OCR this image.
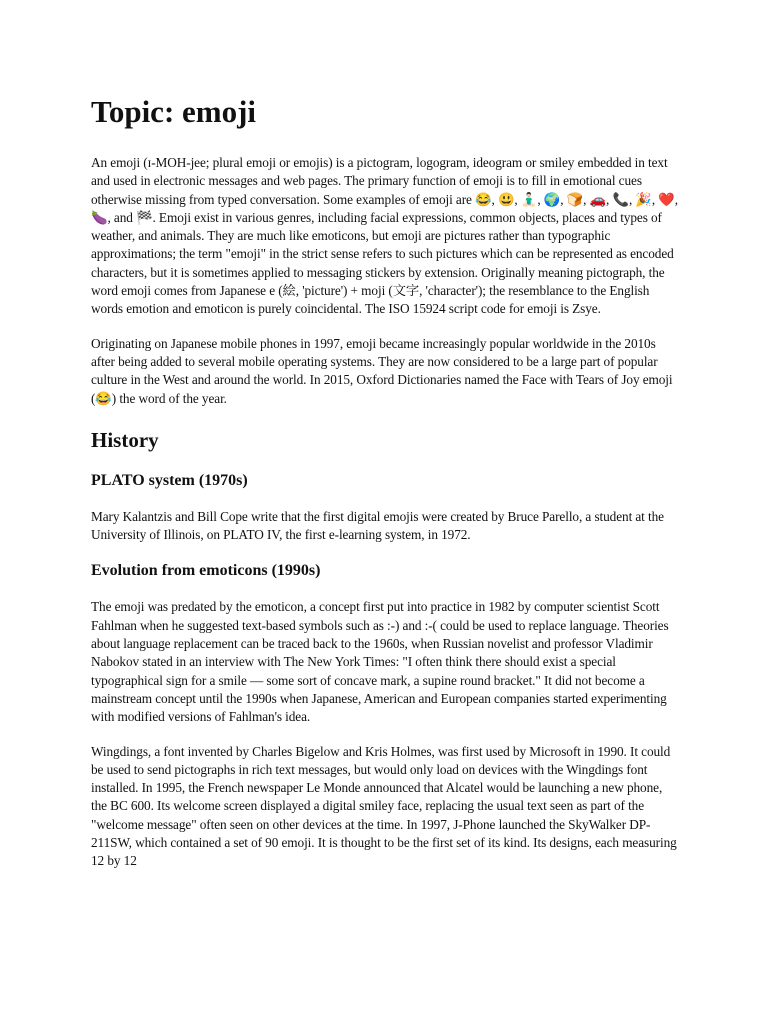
Topic: emoji

An emoji (ɪ-MOH-jee; plural emoji or emojis) is a pictogram, logogram, ideogram or smiley embedded in text and used in electronic messages and web pages. The primary function of emoji is to fill in emotional cues otherwise missing from typed conversation. Some examples of emoji are 😂, 😃, 🧘🏻‍♂️, 🌍, 🍞, 🚗, 📞, 🎉, ❤️, 🍆, and 🏁. Emoji exist in various genres, including facial expressions, common objects, places and types of weather, and animals. They are much like emoticons, but emoji are pictures rather than typographic approximations; the term "emoji" in the strict sense refers to such pictures which can be represented as encoded characters, but it is sometimes applied to messaging stickers by extension. Originally meaning pictograph, the word emoji comes from Japanese e (絵, 'picture') + moji (文字, 'character'); the resemblance to the English words emotion and emoticon is purely coincidental. The ISO 15924 script code for emoji is Zsye.

Originating on Japanese mobile phones in 1997, emoji became increasingly popular worldwide in the 2010s after being added to several mobile operating systems. They are now considered to be a large part of popular culture in the West and around the world. In 2015, Oxford Dictionaries named the Face with Tears of Joy emoji (😂) the word of the year.

History
PLATO system (1970s)

Mary Kalantzis and Bill Cope write that the first digital emojis were created by Bruce Parello, a student at the University of Illinois, on PLATO IV, the first e-learning system, in 1972.

Evolution from emoticons (1990s)

The emoji was predated by the emoticon, a concept first put into practice in 1982 by computer scientist Scott Fahlman when he suggested text-based symbols such as :-) and :-( could be used to replace language. Theories about language replacement can be traced back to the 1960s, when Russian novelist and professor Vladimir Nabokov stated in an interview with The New York Times: "I often think there should exist a special typographical sign for a smile — some sort of concave mark, a supine round bracket." It did not become a mainstream concept until the 1990s when Japanese, American and European companies started experimenting with modified versions of Fahlman's idea.

Wingdings, a font invented by Charles Bigelow and Kris Holmes, was first used by Microsoft in 1990. It could be used to send pictographs in rich text messages, but would only load on devices with the Wingdings font installed. In 1995, the French newspaper Le Monde announced that Alcatel would be launching a new phone, the BC 600. Its welcome screen displayed a digital smiley face, replacing the usual text seen as part of the "welcome message" often seen on other devices at the time. In 1997, J-Phone launched the SkyWalker DP-211SW, which contained a set of 90 emoji. It is thought to be the first set of its kind. Its designs, each measuring 12 by 12
